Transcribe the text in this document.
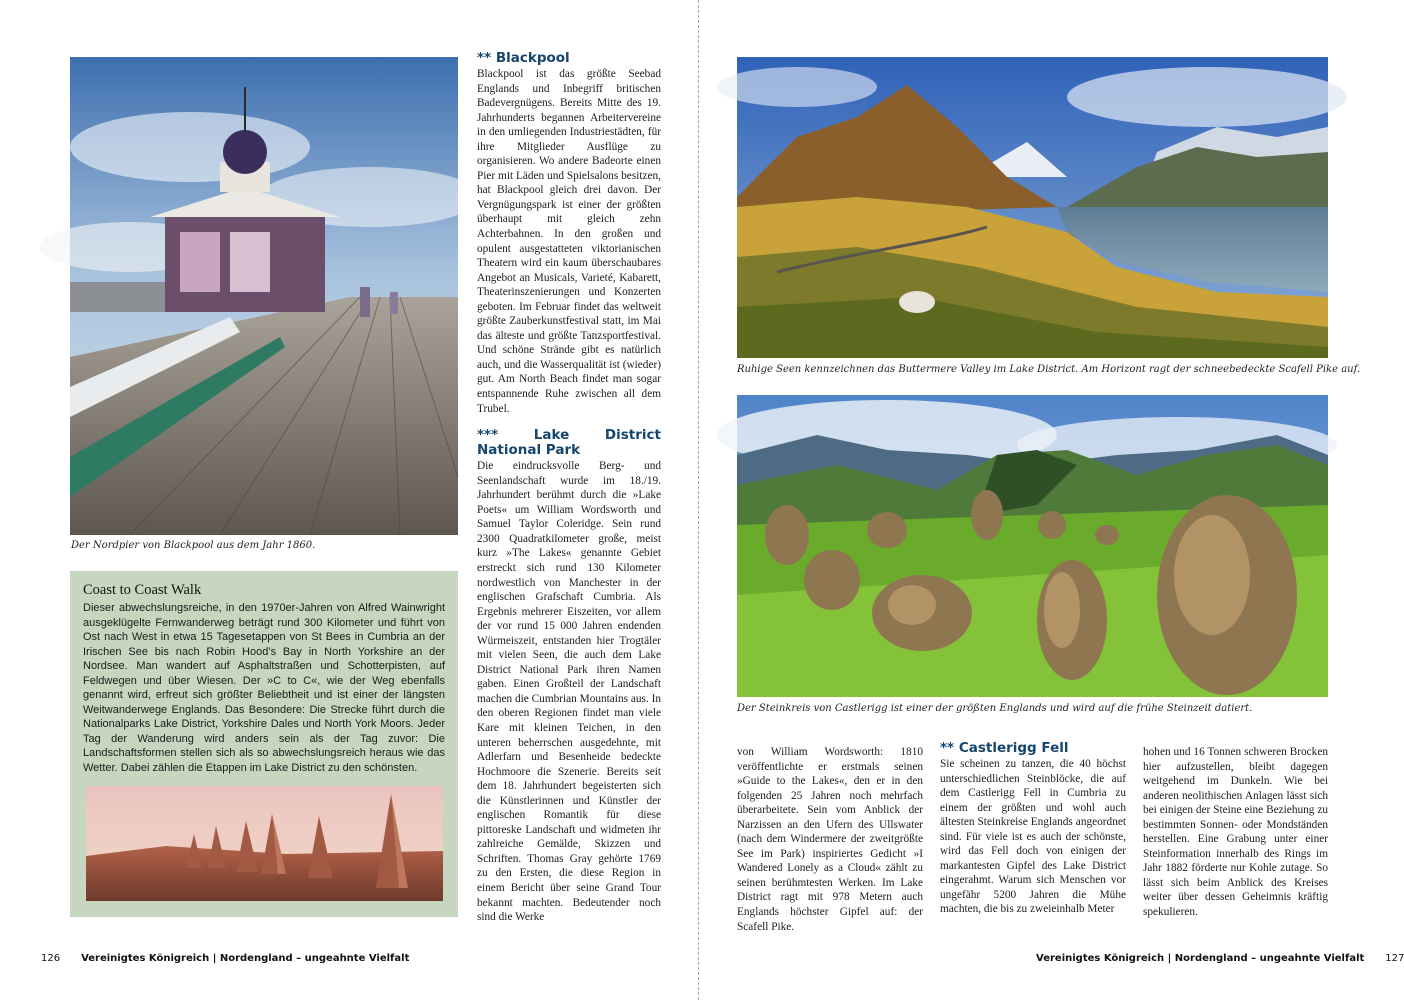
Der Nordpier von Blackpool aus dem Jahr 1860.
Coast to Coast Walk
Dieser abwechslungsreiche, in den 1970er-Jahren von Alfred Wainwright ausgeklügelte Fernwanderweg beträgt rund 300 Kilometer und führt von Ost nach West in etwa 15 Tagesetappen von St Bees in Cumbria an der Irischen See bis nach Robin Hood’s Bay in North Yorkshire an der Nordsee. Man wandert auf Asphaltstraßen und Schotterpisten, auf Feldwegen und über Wiesen. Der »C to C«, wie der Weg ebenfalls genannt wird, erfreut sich größter Beliebtheit und ist einer der längsten Weitwanderwege Englands. Das Besondere: Die Strecke führt durch die Nationalparks Lake District, Yorkshire Dales und North York Moors. Jeder Tag der Wanderung wird anders sein als der Tag zuvor: Die Landschaftsformen stellen sich als so abwechslungsreich heraus wie das Wetter. Dabei zählen die Etappen im Lake District zu den schönsten.
** Blackpool

Blackpool ist das größte Seebad Englands und Inbegriff britischen Badevergnügens. Bereits Mitte des 19. Jahrhunderts begannen Arbeitervereine in den umliegenden Industriestädten, für ihre Mitglieder Ausflüge zu organisieren. Wo andere Badeorte einen Pier mit Läden und Spielsalons besitzen, hat Blackpool gleich drei davon. Der Vergnügungspark ist einer der größten überhaupt mit gleich zehn Achterbahnen. In den großen und opulent ausgestatteten viktorianischen Theatern wird ein kaum überschaubares Angebot an Musicals, Varieté, Kabarett, Theaterinszenierungen und Konzerten geboten. Im Februar findet das weltweit größte Zauberkunstfestival statt, im Mai das älteste und größte Tanzsportfestival. Und schöne Strände gibt es natürlich auch, und die Wasserqualität ist (wieder) gut. Am North Beach findet man sogar entspannende Ruhe zwischen all dem Trubel.

*** Lake District National Park

Die eindrucksvolle Berg- und Seenlandschaft wurde im 18./19. Jahrhundert berühmt durch die »Lake Poets« um William Wordsworth und Samuel Taylor Coleridge. Sein rund 2300 Quadratkilometer große, meist kurz »The Lakes« genannte Gebiet erstreckt sich rund 130 Kilometer nordwestlich von Manchester in der englischen Grafschaft Cumbria. Als Ergebnis mehrerer Eiszeiten, vor allem der vor rund 15 000 Jahren endenden Würmeiszeit, entstanden hier Trogtäler mit vielen Seen, die auch dem Lake District National Park ihren Namen gaben. Einen Großteil der Landschaft machen die Cumbrian Mountains aus. In den oberen Regionen findet man viele Kare mit kleinen Teichen, in den unteren beherrschen ausgedehnte, mit Adlerfarn und Besenheide bedeckte Hochmoore die Szenerie. Bereits seit dem 18. Jahrhundert begeisterten sich die Künstlerinnen und Künstler der englischen Romantik für diese pittoreske Landschaft und widmeten ihr zahlreiche Gemälde, Skizzen und Schriften. Thomas Gray gehörte 1769 zu den Ersten, die diese Region in einem Bericht über seine Grand Tour bekannt machten. Bedeutender noch sind die Werke

126 Vereinigtes Königreich | Nordengland – ungeahnte Vielfalt
Ruhige Seen kennzeichnen das Buttermere Valley im Lake District. Am Horizont ragt der schneebedeckte Scafell Pike auf.
Der Steinkreis von Castlerigg ist einer der größten Englands und wird auf die frühe Steinzeit datiert.
von William Wordsworth: 1810 veröffentlichte er erstmals seinen »Guide to the Lakes«, den er in den folgenden 25 Jahren noch mehrfach überarbeitete. Sein vom Anblick der Narzissen an den Ufern des Ullswater (nach dem Windermere der zweitgrößte See im Park) inspiriertes Gedicht »I Wandered Lonely as a Cloud« zählt zu seinen berühmtesten Werken. Im Lake District ragt mit 978 Metern auch Englands höchster Gipfel auf: der Scafell Pike.
** Castlerigg Fell

Sie scheinen zu tanzen, die 40 höchst unterschiedlichen Steinblöcke, die auf dem Castlerigg Fell in Cumbria zu einem der größten und wohl auch ältesten Steinkreise Englands angeordnet sind. Für viele ist es auch der schönste, wird das Fell doch von einigen der markantesten Gipfel des Lake District eingerahmt. Warum sich Menschen vor ungefähr 5200 Jahren die Mühe machten, die bis zu zweieinhalb Meter

hohen und 16 Tonnen schweren Brocken hier aufzustellen, bleibt dagegen weitgehend im Dunkeln. Wie bei anderen neolithischen Anlagen lässt sich bei einigen der Steine eine Beziehung zu bestimmten Sonnen- oder Mondständen herstellen. Eine Grabung unter einer Steinformation innerhalb des Rings im Jahr 1882 förderte nur Kohle zutage. So lässt sich beim Anblick des Kreises weiter über dessen Geheimnis kräftig spekulieren.
Vereinigtes Königreich | Nordengland – ungeahnte Vielfalt 127
